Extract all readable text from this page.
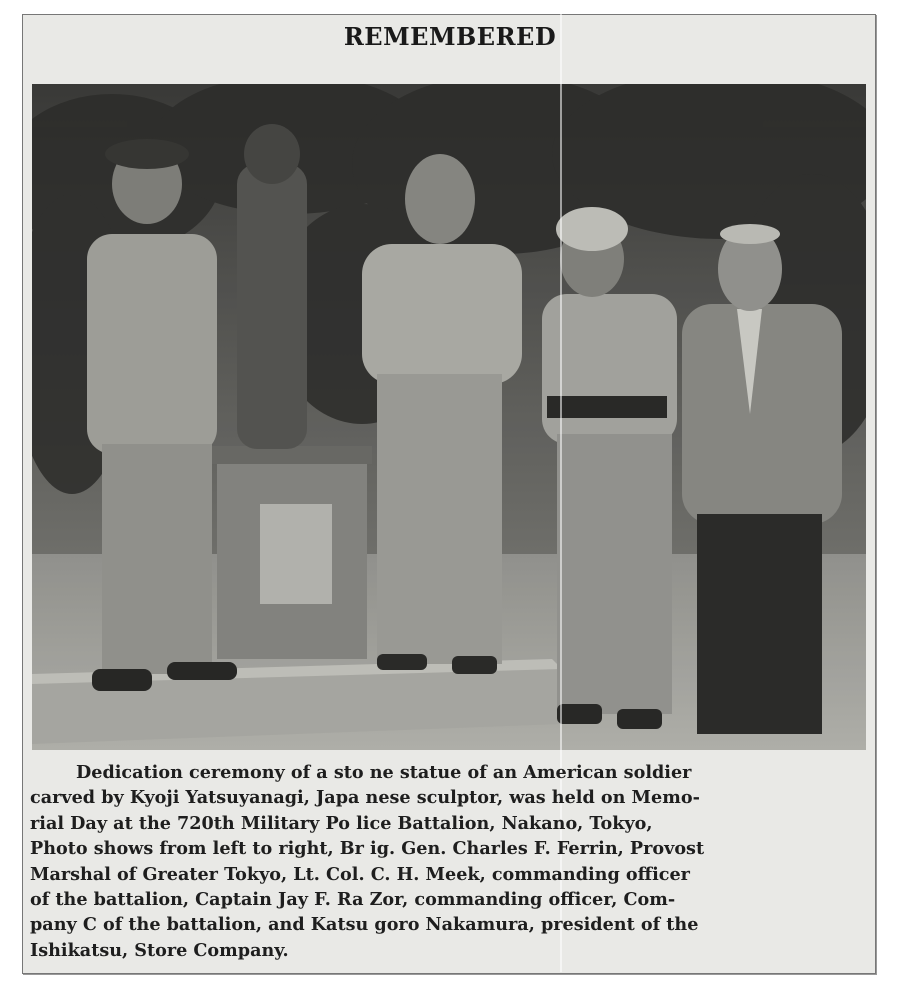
REMEMBERED
Dedication ceremony of a sto ne statue of an American soldier
carved by Kyoji Yatsuyanagi, Japa nese sculptor, was held on Memo-
rial Day at the 720th Military Po lice Battalion, Nakano, Tokyo,
Photo shows from left to right, Br ig. Gen. Charles F. Ferrin, Provost
Marshal of Greater Tokyo, Lt. Col. C. H. Meek, commanding officer
of the battalion, Captain Jay F. Ra Zor, commanding officer, Com-
pany C of the battalion, and Katsu goro Nakamura, president of the
Ishikatsu, Store Company.
